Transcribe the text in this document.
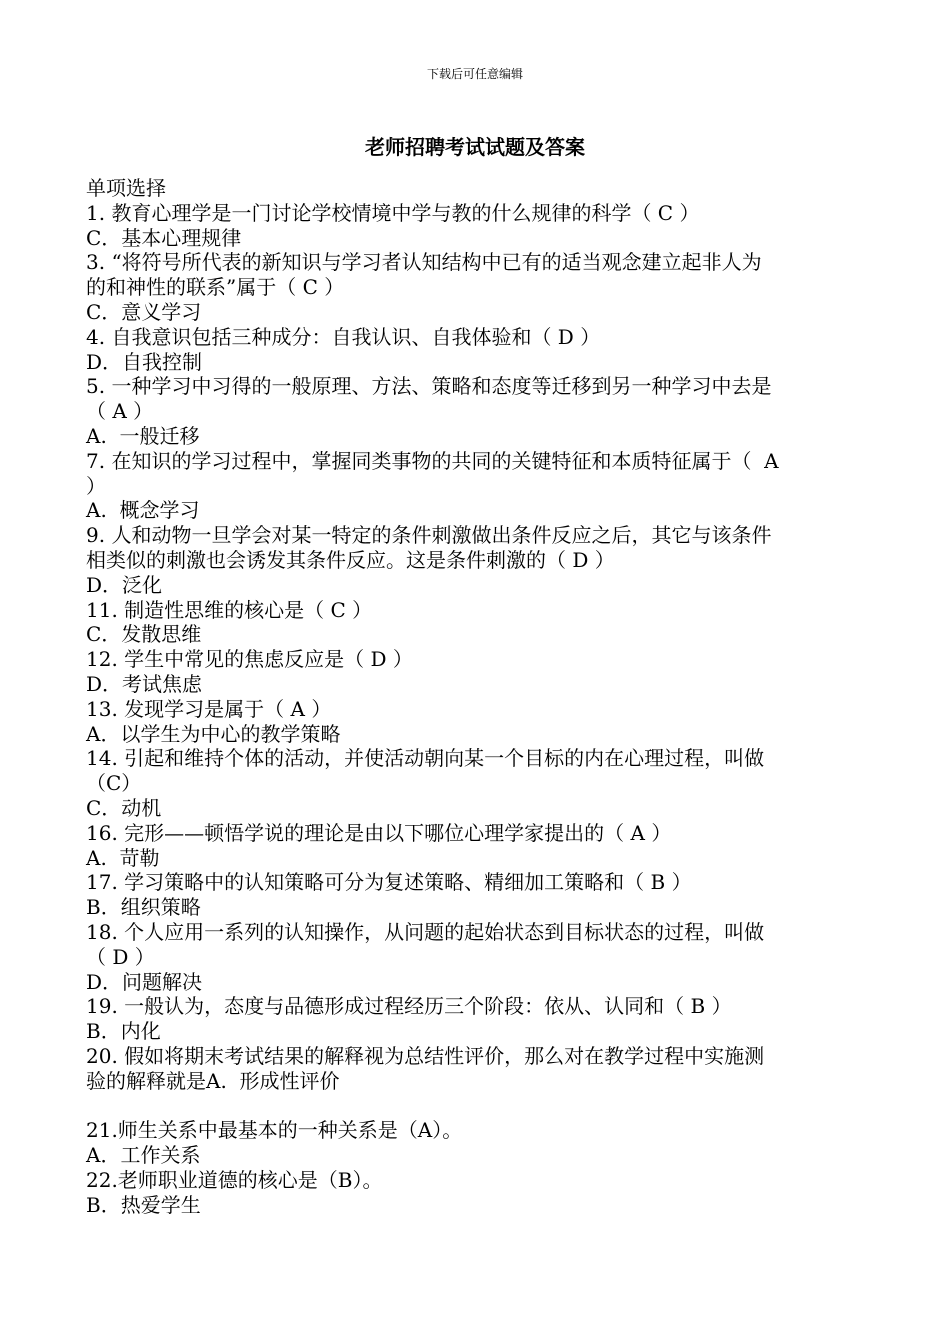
下载后可任意编辑
老师招聘考试试题及答案
单项选择
1. 教育心理学是一门讨论学校情境中学与教的什么规律的科学（ C ）
C．基本心理规律
3. “将符号所代表的新知识与学习者认知结构中已有的适当观念建立起非人为
的和神性的联系”属于（ C ）
C．意义学习
4. 自我意识包括三种成分：自我认识、自我体验和（ D ）
D．自我控制
5. 一种学习中习得的一般原理、方法、策略和态度等迁移到另一种学习中去是
（ A ）
A.  一般迁移
7. 在知识的学习过程中，掌握同类事物的共同的关键特征和本质特征属于（  A
）
A.  概念学习
9. 人和动物一旦学会对某一特定的条件刺激做出条件反应之后，其它与该条件
相类似的刺激也会诱发其条件反应。这是条件刺激的（ D ）
D．泛化
11. 制造性思维的核心是（ C ）
C．发散思维
12. 学生中常见的焦虑反应是（ D ）
D．考试焦虑
13. 发现学习是属于（ A ）
A．以学生为中心的教学策略
14. 引起和维持个体的活动，并使活动朝向某一个目标的内在心理过程，叫做
（C）
C．动机
16. 完形——顿悟学说的理论是由以下哪位心理学家提出的（ A ）
A.  苛勒
17. 学习策略中的认知策略可分为复述策略、精细加工策略和（ B ）
B．组织策略
18. 个人应用一系列的认知操作，从问题的起始状态到目标状态的过程，叫做
（ D ）
D．问题解决
19. 一般认为，态度与品德形成过程经历三个阶段：依从、认同和（ B ）
B．内化
20. 假如将期末考试结果的解释视为总结性评价，那么对在教学过程中实施测
验的解释就是A.  形成性评价
21.师生关系中最基本的一种关系是（A）。
A．工作关系
22.老师职业道德的核心是（B）。
B．热爱学生
